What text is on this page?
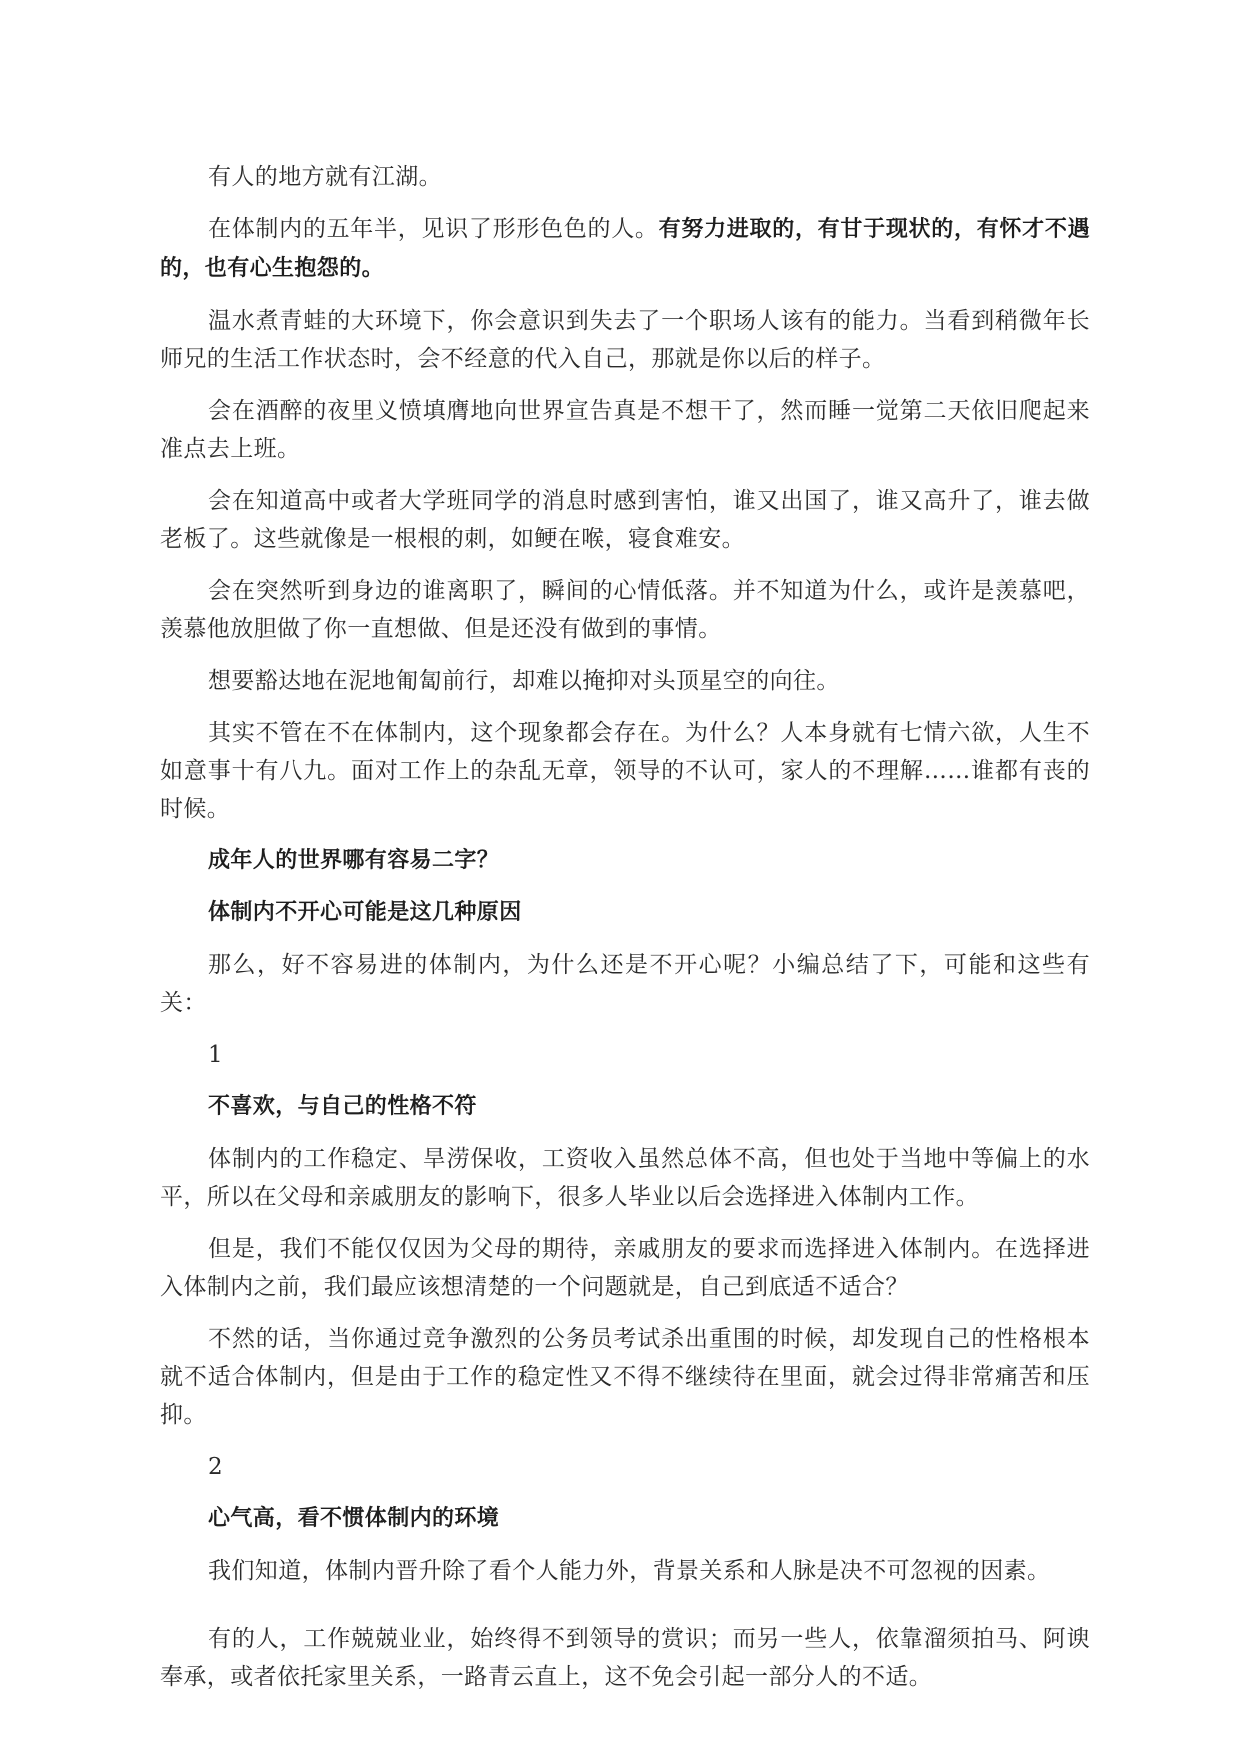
有人的地方就有江湖。

在体制内的五年半，见识了形形色色的人。有努力进取的，有甘于现状的，有怀才不遇的，也有心生抱怨的。

温水煮青蛙的大环境下，你会意识到失去了一个职场人该有的能力。当看到稍微年长师兄的生活工作状态时，会不经意的代入自己，那就是你以后的样子。

会在酒醉的夜里义愤填膺地向世界宣告真是不想干了，然而睡一觉第二天依旧爬起来准点去上班。

会在知道高中或者大学班同学的消息时感到害怕，谁又出国了，谁又高升了，谁去做老板了。这些就像是一根根的刺，如鲠在喉，寝食难安。

会在突然听到身边的谁离职了，瞬间的心情低落。并不知道为什么，或许是羡慕吧，羡慕他放胆做了你一直想做、但是还没有做到的事情。

想要豁达地在泥地匍匐前行，却难以掩抑对头顶星空的向往。

其实不管在不在体制内，这个现象都会存在。为什么？人本身就有七情六欲，人生不如意事十有八九。面对工作上的杂乱无章，领导的不认可，家人的不理解……谁都有丧的时候。

成年人的世界哪有容易二字？

体制内不开心可能是这几种原因

那么，好不容易进的体制内，为什么还是不开心呢？小编总结了下，可能和这些有关：

1

不喜欢，与自己的性格不符

体制内的工作稳定、旱涝保收，工资收入虽然总体不高，但也处于当地中等偏上的水平，所以在父母和亲戚朋友的影响下，很多人毕业以后会选择进入体制内工作。

但是，我们不能仅仅因为父母的期待，亲戚朋友的要求而选择进入体制内。在选择进入体制内之前，我们最应该想清楚的一个问题就是，自己到底适不适合？

不然的话，当你通过竞争激烈的公务员考试杀出重围的时候，却发现自己的性格根本就不适合体制内，但是由于工作的稳定性又不得不继续待在里面，就会过得非常痛苦和压抑。

2

心气高，看不惯体制内的环境

我们知道，体制内晋升除了看个人能力外，背景关系和人脉是决不可忽视的因素。

有的人，工作兢兢业业，始终得不到领导的赏识；而另一些人，依靠溜须拍马、阿谀奉承，或者依托家里关系，一路青云直上，这不免会引起一部分人的不适。
